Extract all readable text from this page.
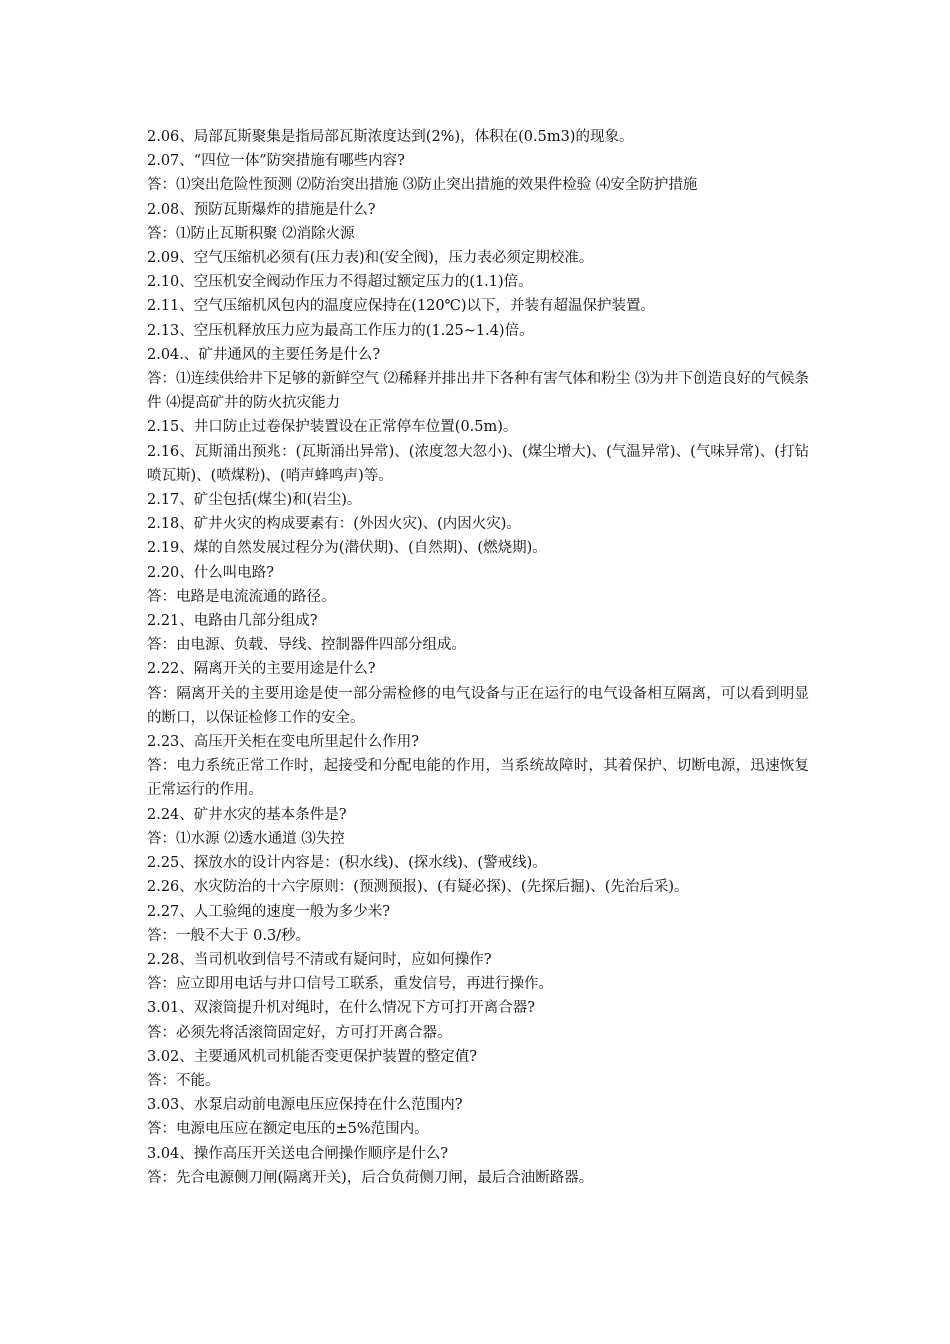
2.06、局部瓦斯聚集是指局部瓦斯浓度达到(2%)，体积在(0.5m3)的现象。

2.07、“四位一体”防突措施有哪些内容?

答：⑴突出危险性预测 ⑵防治突出措施 ⑶防止突出措施的效果件检验 ⑷安全防护措施

2.08、预防瓦斯爆炸的措施是什么?

答：⑴防止瓦斯积聚 ⑵消除火源

2.09、空气压缩机必须有(压力表)和(安全阀)，压力表必须定期校准。

2.10、空压机安全阀动作压力不得超过额定压力的(1.1)倍。

2.11、空气压缩机风包内的温度应保持在(120℃)以下，并装有超温保护装置。

2.13、空压机释放压力应为最高工作压力的(1.25~1.4)倍。

2.04.、矿井通风的主要任务是什么?

答：⑴连续供给井下足够的新鲜空气 ⑵稀释并排出井下各种有害气体和粉尘 ⑶为井下创造良好的气候条件 ⑷提高矿井的防火抗灾能力

2.15、井口防止过卷保护装置设在正常停车位置(0.5m)。

2.16、瓦斯涌出预兆：(瓦斯涌出异常)、(浓度忽大忽小)、(煤尘增大)、(气温异常)、(气味异常)、(打钻喷瓦斯)、(喷煤粉)、(哨声蜂鸣声)等。

2.17、矿尘包括(煤尘)和(岩尘)。

2.18、矿井火灾的构成要素有：(外因火灾)、(内因火灾)。

2.19、煤的自然发展过程分为(潜伏期)、(自然期)、(燃烧期)。

2.20、什么叫电路?

答：电路是电流流通的路径。

2.21、电路由几部分组成?

答：由电源、负载、导线、控制器件四部分组成。

2.22、隔离开关的主要用途是什么?

答：隔离开关的主要用途是使一部分需检修的电气设备与正在运行的电气设备相互隔离，可以看到明显的断口，以保证检修工作的安全。

2.23、高压开关柜在变电所里起什么作用?

答：电力系统正常工作时，起接受和分配电能的作用，当系统故障时，其着保护、切断电源，迅速恢复正常运行的作用。

2.24、矿井水灾的基本条件是?

答：⑴水源 ⑵透水通道 ⑶失控

2.25、探放水的设计内容是：(积水线)、(探水线)、(警戒线)。

2.26、水灾防治的十六字原则：(预测预报)、(有疑必探)、(先探后掘)、(先治后采)。

2.27、人工验绳的速度一般为多少米?

答：一般不大于 0.3/秒。

2.28、当司机收到信号不清或有疑问时，应如何操作?

答：应立即用电话与井口信号工联系，重发信号，再进行操作。

3.01、双滚筒提升机对绳时，在什么情况下方可打开离合器?

答：必须先将活滚筒固定好，方可打开离合器。

3.02、主要通风机司机能否变更保护装置的整定值?

答：不能。

3.03、水泵启动前电源电压应保持在什么范围内?

答：电源电压应在额定电压的±5%范围内。

3.04、操作高压开关送电合闸操作顺序是什么?

答：先合电源侧刀闸(隔离开关)，后合负荷侧刀闸，最后合油断路器。
